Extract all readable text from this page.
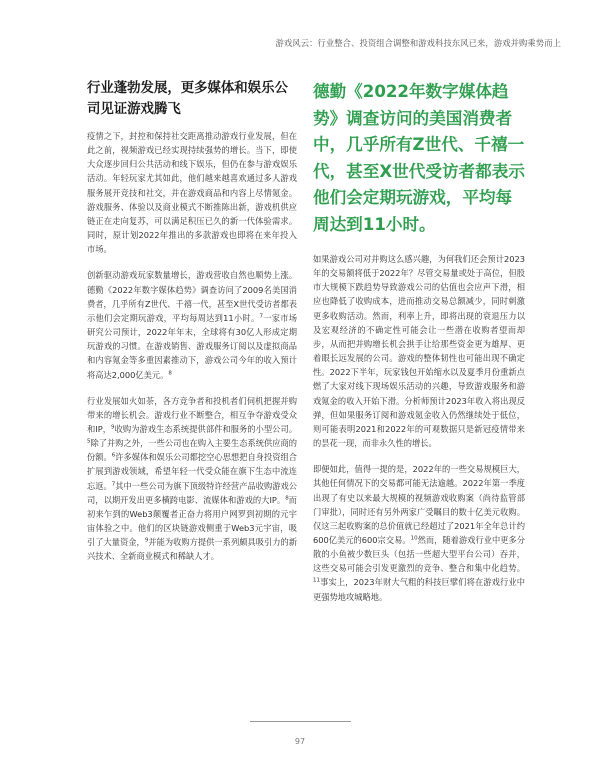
游戏风云：行业整合、投资组合调整和游戏科技东风已来，游戏并购乘势而上
行业蓬勃发展，更多媒体和娱乐公司见证游戏腾飞

疫情之下，封控和保持社交距离推动游戏行业发展，但在此之前，视频游戏已经实现持续强势的增长。当下，即使大众逐步回归公共活动和线下娱乐，但仍在参与游戏娱乐活动。年轻玩家尤其如此，他们越来越喜欢通过多人游戏服务展开竞技和社交，并在游戏商品和内容上尽情氪金。游戏服务、体验以及商业模式不断推陈出新，游戏机供应链正在走向复苏，可以满足积压已久的新一代体验需求。同时，原计划2022年推出的多款游戏也即将在来年投入市场。

创新驱动游戏玩家数量增长，游戏营收自然也顺势上涨。德勤《2022年数字媒体趋势》调查访问了2009名美国消费者，几乎所有Z世代、千禧一代，甚至X世代受访者都表示他们会定期玩游戏，平均每周达到11小时。$^7$一家市场研究公司预计，2022年年末，全球将有30亿人形成定期玩游戏的习惯。在游戏销售、游戏服务订阅以及虚拟商品和内容氪金等多重因素推动下，游戏公司今年的收入预计将高达2,000亿美元。$^8$

行业发展如火如荼，各方竞争者和投机者们伺机把握并购带来的增长机会。游戏行业不断整合，相互争夺游戏受众和IP，$^9$收购为游戏生态系统提供部件和服务的小型公司。$^5$除了并购之外，一些公司也在购入主要生态系统供应商的份额。$^6$许多媒体和娱乐公司都挖空心思想把自身投资组合扩展到游戏领域，希望年轻一代受众能在旗下生态中流连忘返。$^7$其中一些公司为旗下顶级特许经营产品收购游戏公司，以期开发出更多横跨电影、流媒体和游戏的大IP。$^8$而初来乍到的Web3颠覆者正奋力将用户网罗到初期的元宇宙体验之中。他们的区块链游戏侧重于Web3元宇宙，吸引了大量资金，$^9$并能为收购方提供一系列颇具吸引力的新兴技术、全新商业模式和稀缺人才。

德勤《2022年数字媒体趋势》调查访问的美国消费者中，几乎所有Z世代、千禧一代，甚至X世代受访者都表示他们会定期玩游戏，平均每周达到11小时。

如果游戏公司对并购这么感兴趣，为何我们还会预计2023年的交易额将低于2022年？尽管交易量或处于高位，但股市大规模下跌趋势导致游戏公司的估值也会应声下滑，相应也降低了收购成本，进而推动交易总额减少，同时刺激更多收购活动。然而，利率上升，即将出现的衰退压力以及宏观经济的不确定性可能会让一些潜在收购者望而却步，从而把并购增长机会拱手让给那些资金更为雄厚、更着眼长远发展的公司。游戏的整体韧性也可能出现不确定性。2022下半年，玩家钱包开始缩水以及夏季月份重新点燃了大家对线下现场娱乐活动的兴趣，导致游戏服务和游戏氪金的收入开始下滑。分析师预计2023年收入将出现反弹，但如果服务订阅和游戏氪金收入仍然继续处于低位，则可能表明2021和2022年的可观数据只是新冠疫情带来的昙花一现，而非永久性的增长。

即便如此，值得一提的是，2022年的一些交易规模巨大，其他任何情况下的交易都可能无法逾越。2022年第一季度出现了有史以来最大规模的视频游戏收购案（尚待监管部门审批），同时还有另外两家广受瞩目的数十亿美元收购。仅这三起收购案的总价值就已经超过了2021年全年总计约600亿美元的600宗交易。$^{10}$然而，随着游戏行业中更多分散的小鱼被少数巨头（包括一些超大型平台公司）吞并，这些交易可能会引发更激烈的竞争、整合和集中化趋势。$^{11}$事实上，2023年财大气粗的科技巨擘们将在游戏行业中更强势地攻城略地。

97
